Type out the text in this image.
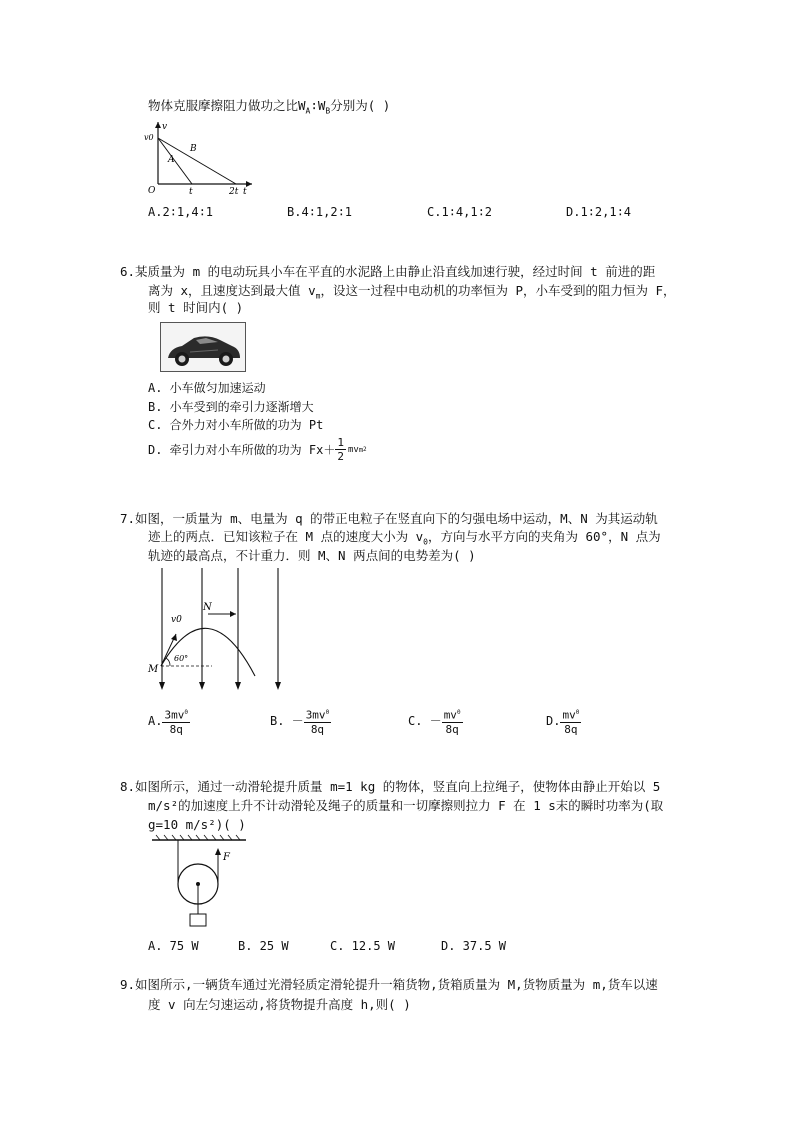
物体克服摩擦阻力做功之比$W_A∶W_B$分别为( )
v
v0
A
B
O	t	2t t
A.2∶1,4∶1	B.4∶1,2∶1	C.1∶4,1∶2	D.1∶2,1∶4
6.某质量为 m 的电动玩具小车在平直的水泥路上由静止沿直线加速行驶，经过时间 t 前进的距
离为 x，且速度达到最大值 $v_m$，设这一过程中电动机的功率恒为 P，小车受到的阻力恒为 F，
则 t 时间内( )
A. 小车做匀加速运动
B. 小车受到的牵引力逐渐增大
C. 合外力对小车所做的功为 Pt
D. 牵引力对小车所做的功为 $Fx+ \frac{1}{2}$ mv m 2
7.如图，一质量为 m、电量为 q 的带正电粒子在竖直向下的匀强电场中运动，M、N 为其运动轨
迹上的两点．已知该粒子在 M 点的速度大小为 $v_0$，方向与水平方向的夹角为 60°，N 点为
轨迹的最高点，不计重力．则 M、N 两点间的电势差为( )
M
N
v0
60°
A. $\frac{3mv^0}{8q}$	B. － $\frac{3mv^0}{8q}$	C. － $\frac{mv^0}{8q}$	D. $\frac{mv^0}{8q}$
8.如图所示，通过一动滑轮提升质量 m=1 kg 的物体，竖直向上拉绳子，使物体由静止开始以 5
m/s²的加速度上升不计动滑轮及绳子的质量和一切摩擦则拉力 F 在 1 s末的瞬时功率为(取
g=10 m/s²)( )
F
A. 75 W	B. 25 W	C. 12.5 W	D. 37.5 W
9.如图所示,一辆货车通过光滑轻质定滑轮提升一箱货物,货箱质量为 M,货物质量为 m,货车以速
度 v 向左匀速运动,将货物提升高度 h,则( )
